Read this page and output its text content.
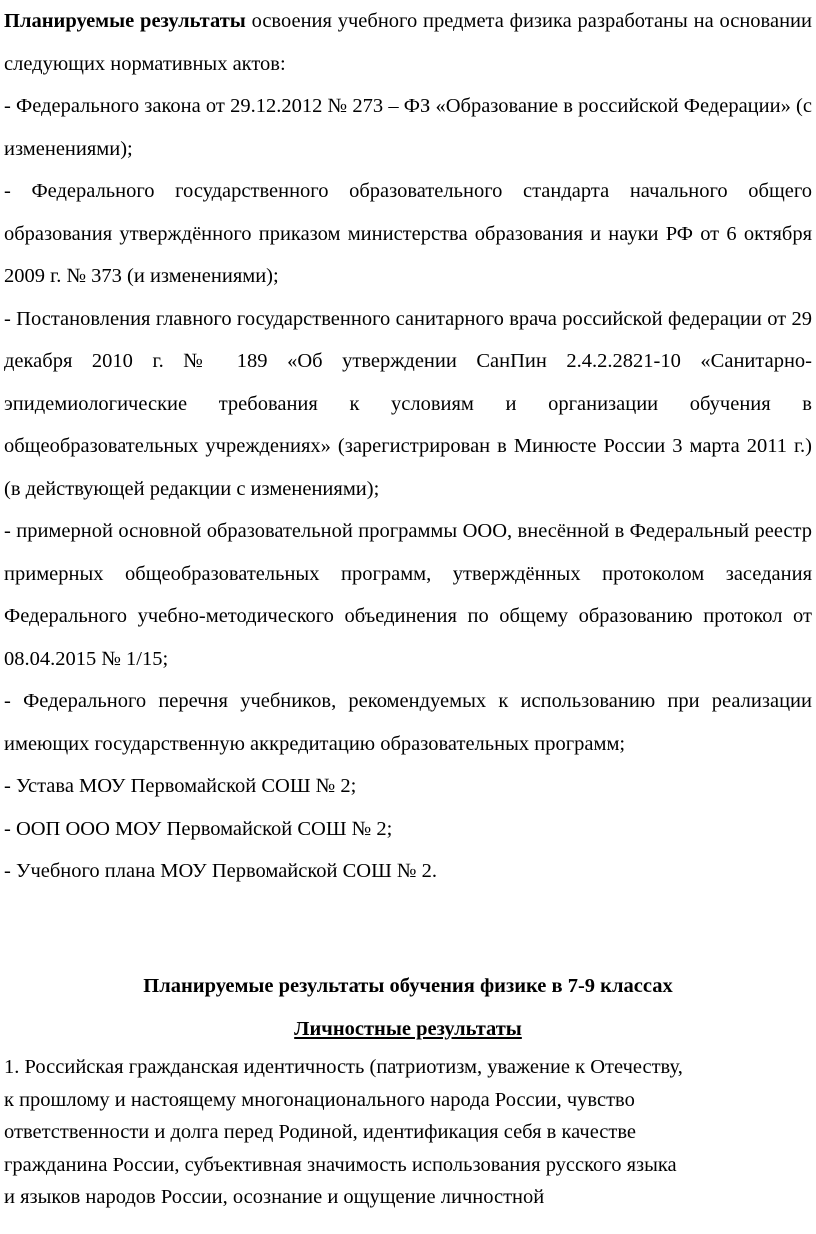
Планируемые результаты освоения учебного предмета физика разработаны на основании следующих нормативных актов:

- Федерального закона от 29.12.2012 № 273 – ФЗ «Образование в российской Федерации» (с изменениями);

- Федерального государственного образовательного стандарта начального общего образования утверждённого приказом министерства образования и науки РФ от 6 октября 2009 г. № 373 (и изменениями);

- Постановления главного государственного санитарного врача российской федерации от 29 декабря 2010 г. № 189 «Об утверждении СанПин 2.4.2.2821-10 «Санитарно-эпидемиологические требования к условиям и организации обучения в общеобразовательных учреждениях» (зарегистрирован в Минюсте России 3 марта 2011 г.) (в действующей редакции с изменениями);

- примерной основной образовательной программы ООО, внесённой в Федеральный реестр примерных общеобразовательных программ, утверждённых протоколом заседания Федерального учебно-методического объединения по общему образованию протокол от 08.04.2015 № 1/15;

- Федерального перечня учебников, рекомендуемых к использованию при реализации имеющих государственную аккредитацию образовательных программ;

- Устава МОУ Первомайской СОШ № 2;

- ООП ООО МОУ Первомайской СОШ № 2;

- Учебного плана МОУ Первомайской СОШ № 2.

Планируемые результаты обучения физике в 7-9 классах
Личностные результаты

1. Российская гражданская идентичность (патриотизм, уважение к Отечеству,

к прошлому и настоящему многонационального народа России, чувство

ответственности и долга перед Родиной, идентификация себя в качестве

гражданина России, субъективная значимость использования русского языка

и языков народов России, осознание и ощущение личностной
